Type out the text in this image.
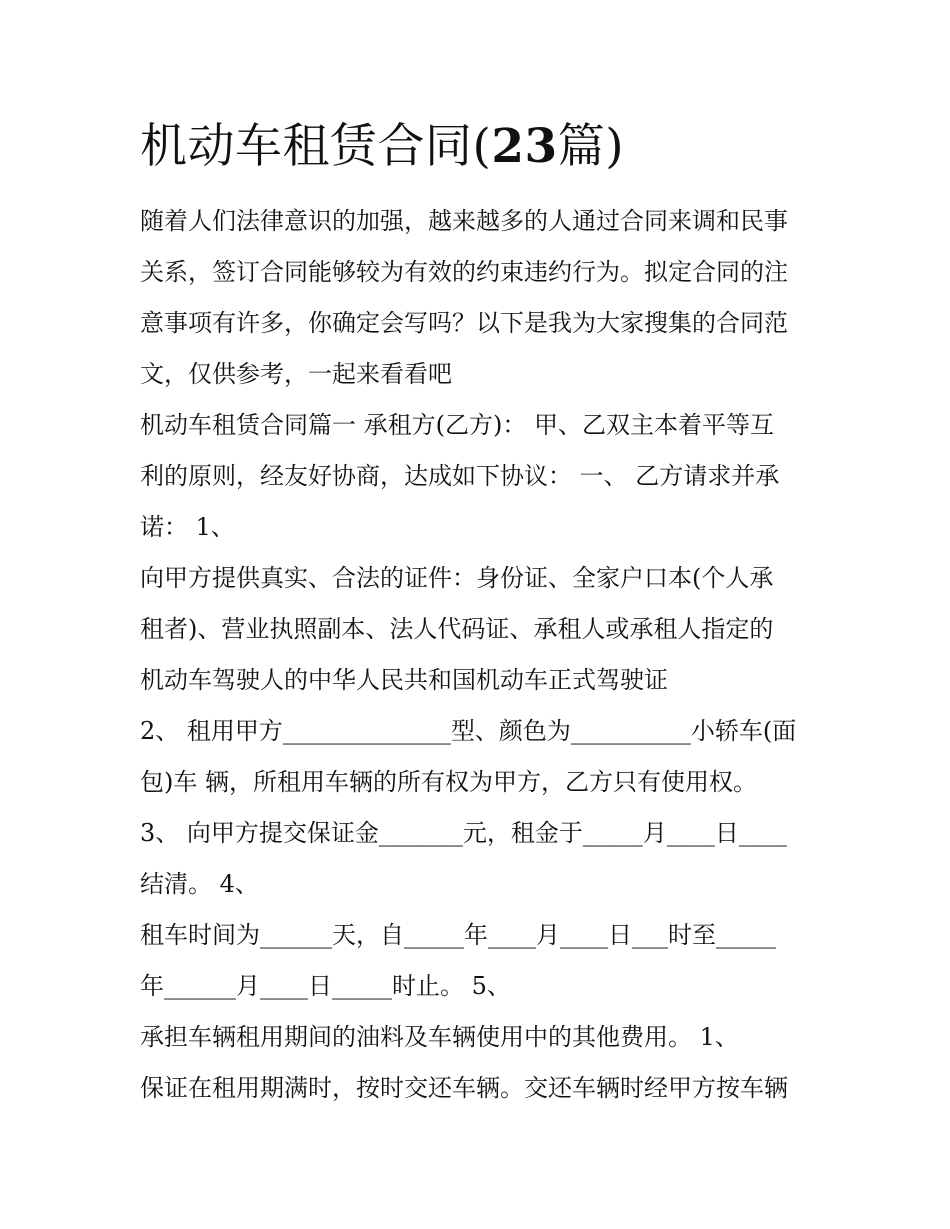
机动车租赁合同(23篇)

随着人们法律意识的加强，越来越多的人通过合同来调和民事

关系，签订合同能够较为有效的约束违约行为。拟定合同的注

意事项有许多，你确定会写吗？以下是我为大家搜集的合同范

文，仅供参考，一起来看看吧

机动车租赁合同篇一 承租方(乙方)： 甲、乙双主本着平等互

利的原则，经友好协商，达成如下协议： 一、 乙方请求并承

诺： 1、

向甲方提供真实、合法的证件：身份证、全家户口本(个人承

租者)、营业执照副本、法人代码证、承租人或承租人指定的

机动车驾驶人的中华人民共和国机动车正式驾驶证

2、 租用甲方______________型、颜色为__________小轿车(面

包)车 辆，所租用车辆的所有权为甲方，乙方只有使用权。

3、 向甲方提交保证金_______元，租金于_____月____日____

结清。 4、

租车时间为______天，自_____年____月____日___时至_____

年______月____日_____时止。 5、

承担车辆租用期间的油料及车辆使用中的其他费用。 1、

保证在租用期满时，按时交还车辆。交还车辆时经甲方按车辆
